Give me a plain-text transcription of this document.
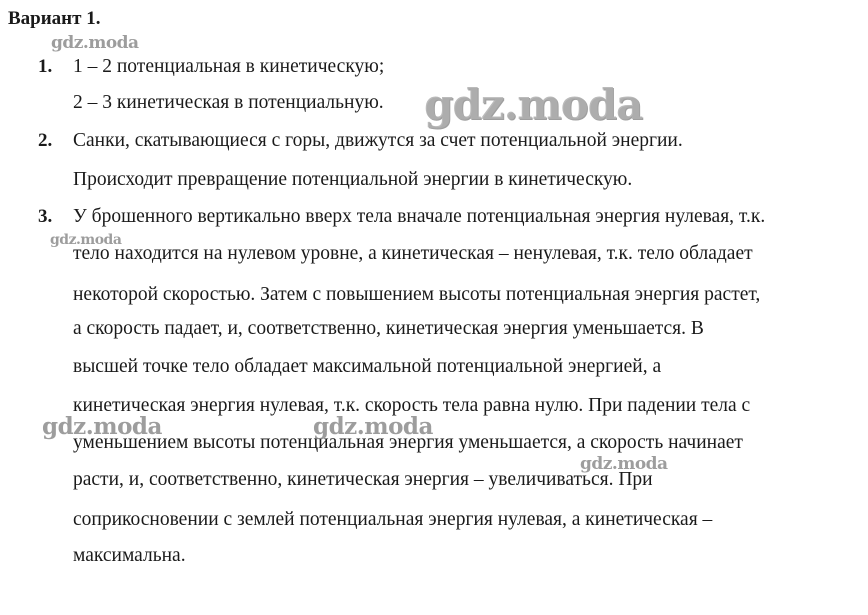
Вариант 1.
1. 1 – 2 потенциальная в кинетическую;
2 – 3 кинетическая в потенциальную.
2. Санки, скатывающиеся с горы, движутся за счет потенциальной энергии.
Происходит превращение потенциальной энергии в кинетическую.
3. У брошенного вертикально вверх тела вначале потенциальная энергия нулевая, т.к.
тело находится на нулевом уровне, а кинетическая – ненулевая, т.к. тело обладает
некоторой скоростью. Затем с повышением высоты потенциальная энергия растет,
а скорость падает, и, соответственно, кинетическая энергия уменьшается. В
высшей точке тело обладает максимальной потенциальной энергией, а
кинетическая энергия нулевая, т.к. скорость тела равна нулю. При падении тела с
уменьшением высоты потенциальная энергия уменьшается, а скорость начинает
расти, и, соответственно, кинетическая энергия – увеличиваться. При
соприкосновении с землей потенциальная энергия нулевая, а кинетическая –
максимальна.
gdz.moda
gdz.moda
gdz.moda
gdz.moda	gdz.moda
gdz.moda
